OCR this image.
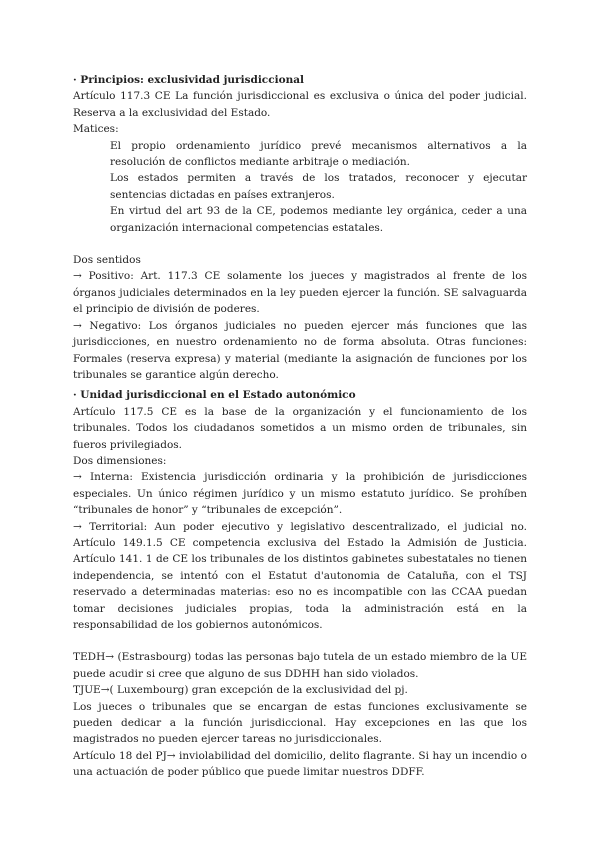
· Principios: exclusividad jurisdiccional

Artículo 117.3 CE La función jurisdiccional es exclusiva o única del poder judicial. Reserva a la exclusividad del Estado.

Matices:

El propio ordenamiento jurídico prevé mecanismos alternativos a la resolución de conflictos mediante arbitraje o mediación.

Los estados permiten a través de los tratados, reconocer y ejecutar sentencias dictadas en países extranjeros.

En virtud del art 93 de la CE, podemos mediante ley orgánica, ceder a una organización internacional competencias estatales.

Dos sentidos

→ Positivo: Art. 117.3 CE solamente los jueces y magistrados al frente de los órganos judiciales determinados en la ley pueden ejercer la función. SE salvaguarda el principio de división de poderes.

→ Negativo: Los órganos judiciales no pueden ejercer más funciones que las jurisdicciones, en nuestro ordenamiento no de forma absoluta. Otras funciones: Formales (reserva expresa) y material (mediante la asignación de funciones por los tribunales se garantice algún derecho.

· Unidad jurisdiccional en el Estado autonómico

Artículo 117.5 CE es la base de la organización y el funcionamiento de los tribunales. Todos los ciudadanos sometidos a un mismo orden de tribunales, sin fueros privilegiados.

Dos dimensiones:

→ Interna: Existencia jurisdicción ordinaria y la prohibición de jurisdicciones especiales. Un único régimen jurídico y un mismo estatuto jurídico. Se prohíben “tribunales de honor” y “tribunales de excepción”.

→ Territorial: Aun poder ejecutivo y legislativo descentralizado, el judicial no. Artículo 149.1.5 CE competencia exclusiva del Estado la Admisión de Justicia. Artículo 141. 1 de CE los tribunales de los distintos gabinetes subestatales no tienen independencia, se intentó con el Estatut d'autonomia de Cataluña, con el TSJ reservado a determinadas materias: eso no es incompatible con las CCAA puedan tomar decisiones judiciales propias, toda la administración está en la responsabilidad de los gobiernos autonómicos.

TEDH→ (Estrasbourg) todas las personas bajo tutela de un estado miembro de la UE puede acudir si cree que alguno de sus DDHH han sido violados.

TJUE→( Luxembourg) gran excepción de la exclusividad del pj.

Los jueces o tribunales que se encargan de estas funciones exclusivamente se pueden dedicar a la función jurisdiccional. Hay excepciones en las que los magistrados no pueden ejercer tareas no jurisdiccionales.

Artículo 18 del PJ→ inviolabilidad del domicilio, delito flagrante. Si hay un incendio o una actuación de poder público que puede limitar nuestros DDFF.
